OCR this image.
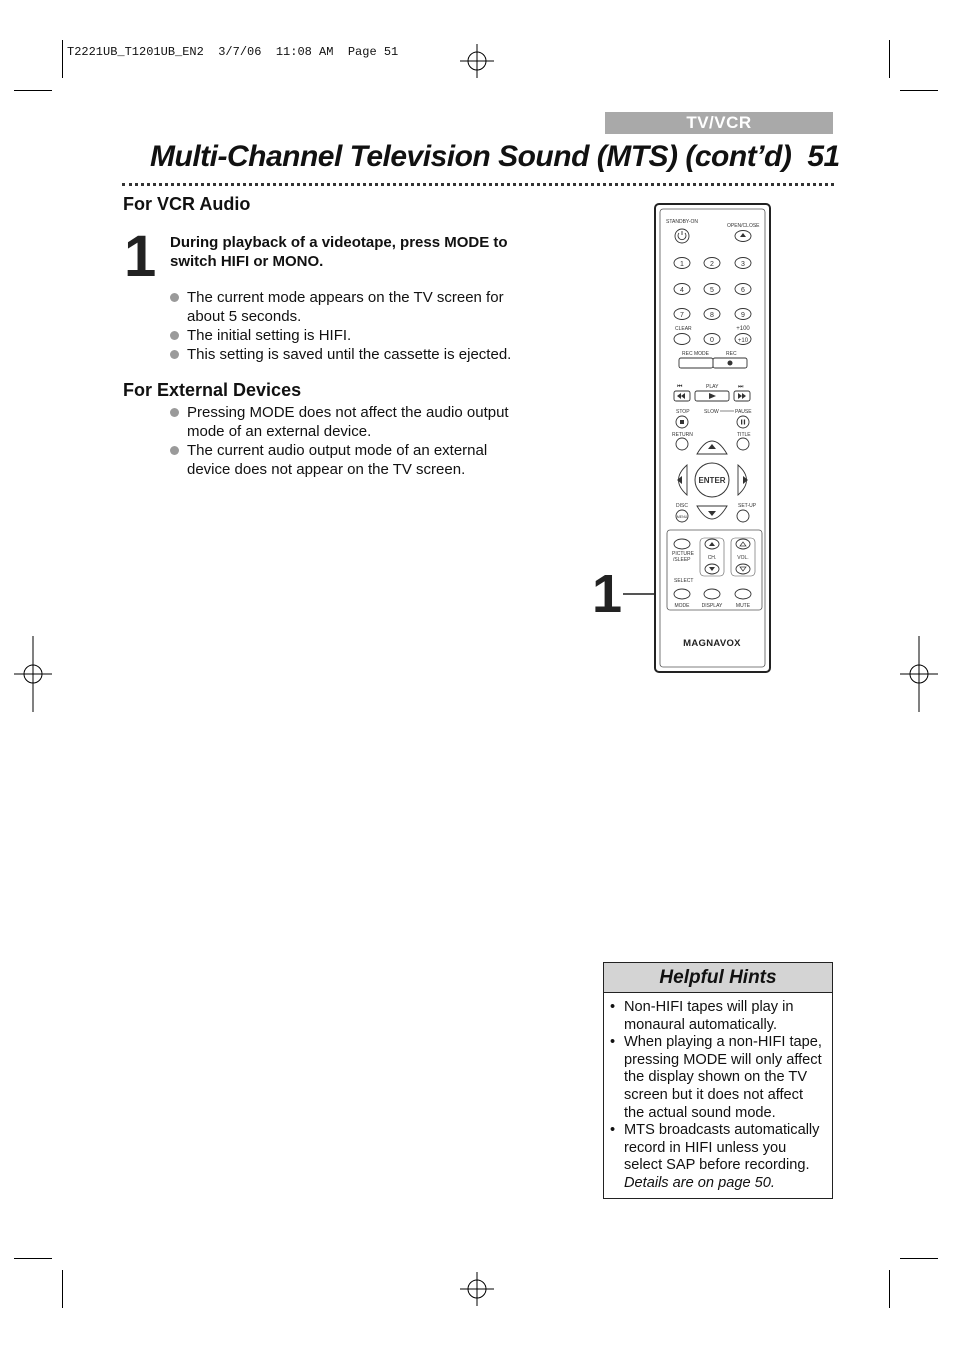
T2221UB_T1201UB_EN2  3/7/06  11:08 AM  Page 51
TV/VCR
Multi-Channel Television Sound (MTS) (cont’d) 51
For VCR Audio
1 During playback of a videotape, press MODE to switch HIFI or MONO.
The current mode appears on the TV screen for about 5 seconds.
The initial setting is HIFI.
This setting is saved until the cassette is ejected.
For External Devices
Pressing MODE does not affect the audio output mode of an external device.
The current audio output mode of an external device does not appear on the TV screen.
1
STANDBY-ON
OPEN/CLOSE
1	2	3
4	5	6
7	8	9
CLEAR
0
+100
+10
REC MODE	REC
⏮	PLAY	⏭
STOP	SLOW	PAUSE
RETURN	TITLE
ENTER
DISC
MENU
SET-UP
PICTURE
/SLEEP	CH.	VOL.
SELECT
MODE DISPLAY	MUTE
MAGNAVOX
Helpful Hints
• Non-HIFI tapes will play in monaural automatically.
• When playing a non-HIFI tape, pressing MODE will only affect the display shown on the TV screen but it does not affect the actual sound mode.
• MTS broadcasts automatically record in HIFI unless you select SAP before recording. Details are on page 50.
